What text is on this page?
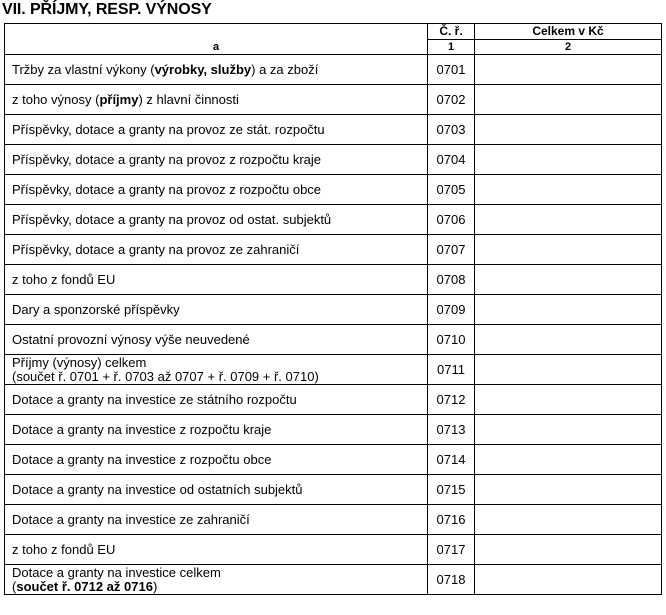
VII. PŘÍJMY, RESP. VÝNOSY
	Č. ř.	Celkem v Kč
a	1	2

Tržby za vlastní výkony (výrobky, služby) a za zboží	0701	

z toho výnosy (příjmy) z hlavní činnosti	0702	

Příspěvky, dotace a granty na provoz ze stát. rozpočtu	0703	

Příspěvky, dotace a granty na provoz z rozpočtu kraje	0704	

Příspěvky, dotace a granty na provoz z rozpočtu obce	0705	

Příspěvky, dotace a granty na provoz od ostat. subjektů	0706	

Příspěvky, dotace a granty na provoz ze zahraničí	0707	

z toho z fondů EU	0708	

Dary a sponzorské příspěvky	0709	

Ostatní provozní výnosy výše neuvedené	0710	

Příjmy (výnosy) celkem
(součet ř. 0701 + ř. 0703 až 0707 + ř. 0709 + ř. 0710)	0711	

Dotace a granty na investice ze státního rozpočtu	0712	

Dotace a granty na investice z rozpočtu kraje	0713	

Dotace a granty na investice z rozpočtu obce	0714	

Dotace a granty na investice od ostatních subjektů	0715	

Dotace a granty na investice ze zahraničí	0716	

z toho z fondů EU	0717	

Dotace a granty na investice celkem
(součet ř. 0712 až 0716)	0718	
